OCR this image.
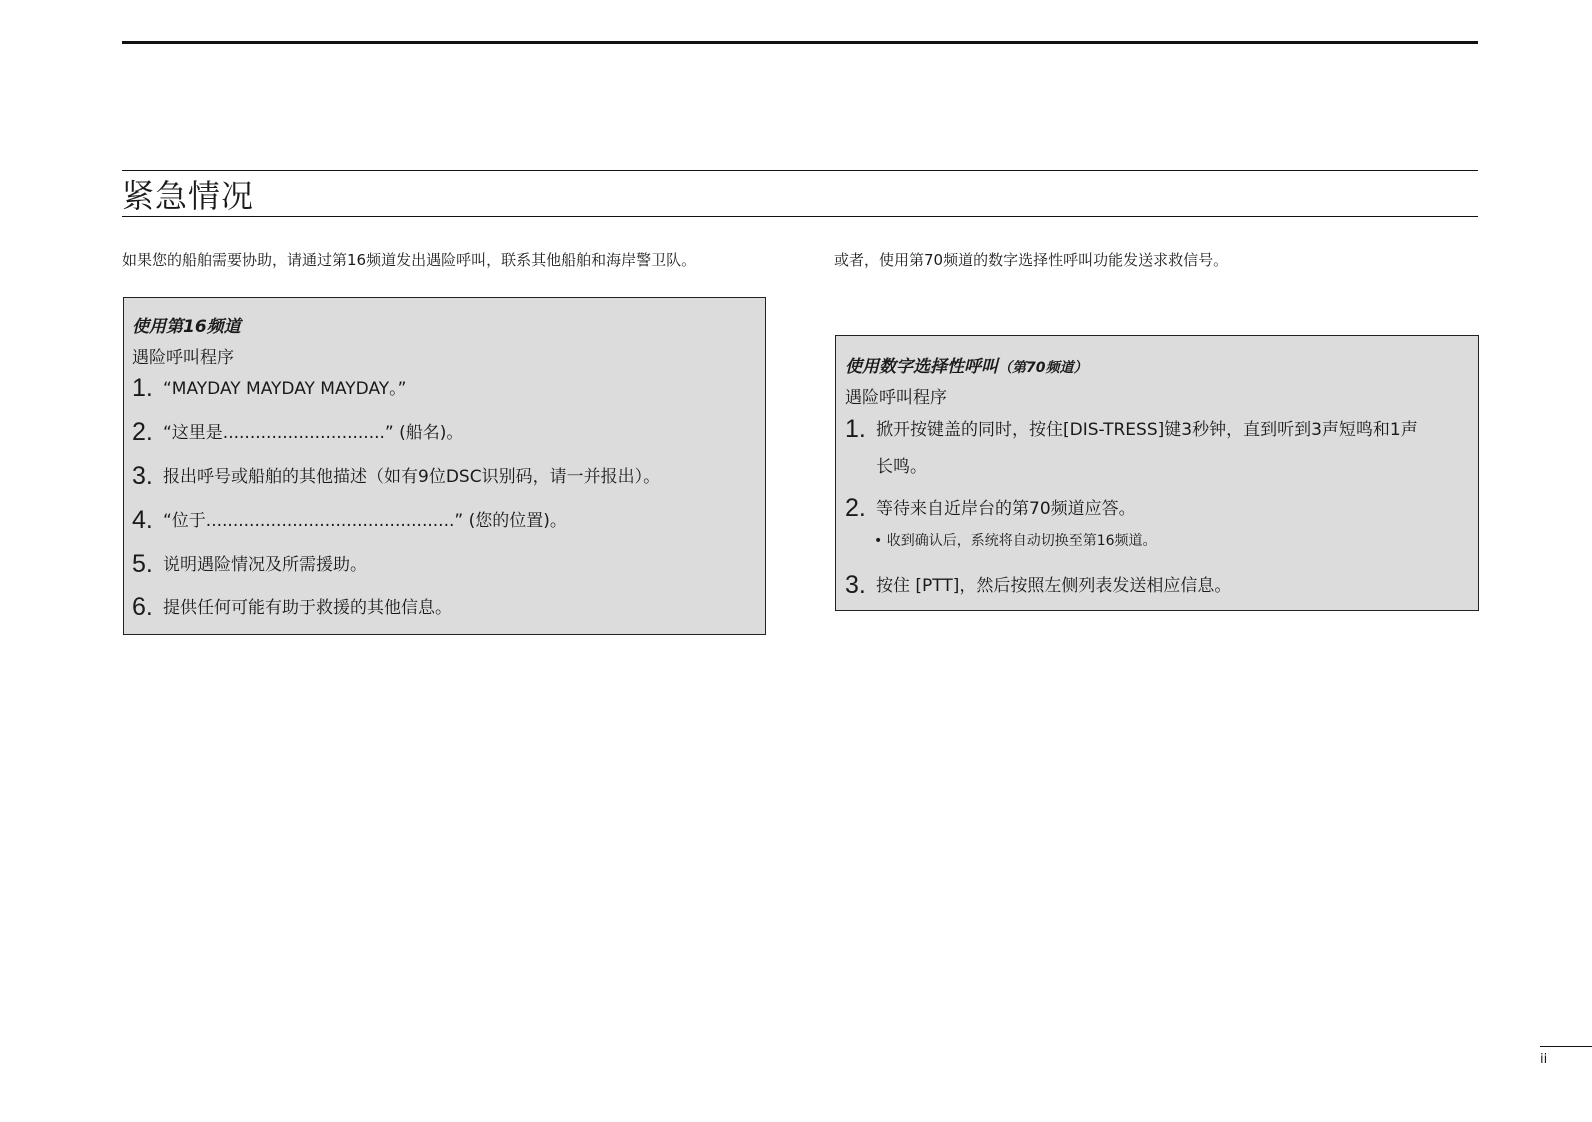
紧急情况

如果您的船舶需要协助，请通过第16频道发出遇险呼叫，联系其他船舶和海岸警卫队。	或者，使用第70频道的数字选择性呼叫功能发送求救信号。

使用第16频道
遇险呼叫程序
1. “MAYDAY MAYDAY MAYDAY。”
2. “这里是..............................” (船名)。
3. 报出呼号或船舶的其他描述（如有9位DSC识别码，请一并报出）。
4. “位于..............................................” (您的位置)。
5. 说明遇险情况及所需援助。
6. 提供任何可能有助于救援的其他信息。
使用数字选择性呼叫（第70频道）
遇险呼叫程序
1. 掀开按键盖的同时，按住[DIS-TRESS]键3秒钟，直到听到3声短鸣和1声
长鸣。
2. 等待来自近岸台的第70频道应答。
• 收到确认后，系统将自动切换至第16频道。
3. 按住 [PTT]，然后按照左侧列表发送相应信息。
ii
